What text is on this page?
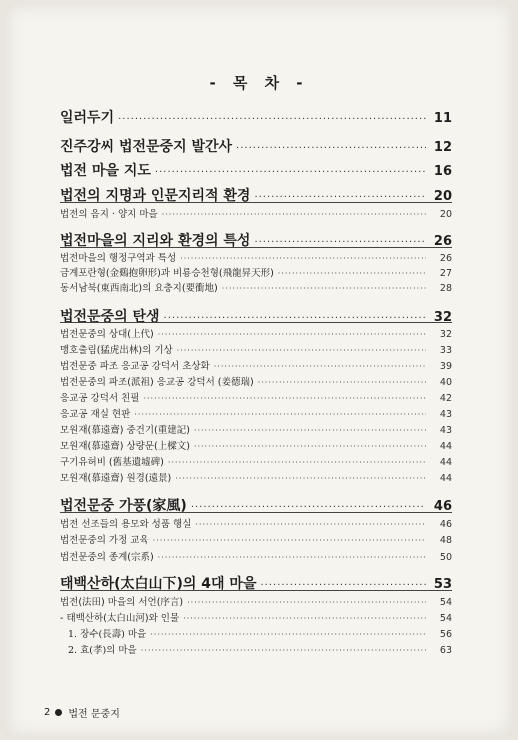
- 목 차 -
일러두기 ·····	11
진주강씨 법전문중지 발간사 ·····	12
법전 마을 지도 ·····	16
법전의 지명과 인문지리적 환경 ·····	20
법전의 음지 · 양지 마을 ·····	20
법전마을의 지리와 환경의 특성 ·····	26
법전마을의 행정구역과 특성 ·····	26
금계포란형(金鷄抱卵形)과 비룡승천형(飛龍昇天形) ·····	27
동서남북(東西南北)의 요충지(要衝地) ·····	28
법전문중의 탄생 ·····	32
법전문중의 상대(上代) ·····	32
맹호출림(猛虎出林)의 기상 ·····	33
법전문중 파조 응교공 강덕서 초상화 ·····	39
법전문중의 파조(派祖) 응교공 강덕서 (姜德瑞) ·····	40
응교공 강덕서 친필 ·····	42
응교공 재실 현판 ·····	43
모원재(慕遠齋) 중건기(重建記) ·····	43
모원재(慕遠齋) 상량문(上樑文) ·····	44
구기유허비 (舊基遺墟碑) ·····	44
모원재(慕遠齋) 원경(遠景) ·····	44
법전문중 가풍(家風) ·····	46
법전 선조들의 용모와 성품 행실 ·····	46
법전문중의 가정 교육 ·····	48
법전문중의 종계(宗系) ·····	50
태백산하(太白山下)의 4대 마을 ·····	53
법전(法田) 마을의 서언(序言) ·····	54
- 태백산하(太白山河)와 인물 ·····	54
1. 장수(長壽) 마을 ·····	56
2. 효(孝)의 마을 ·····	63
2 법전 문중지
